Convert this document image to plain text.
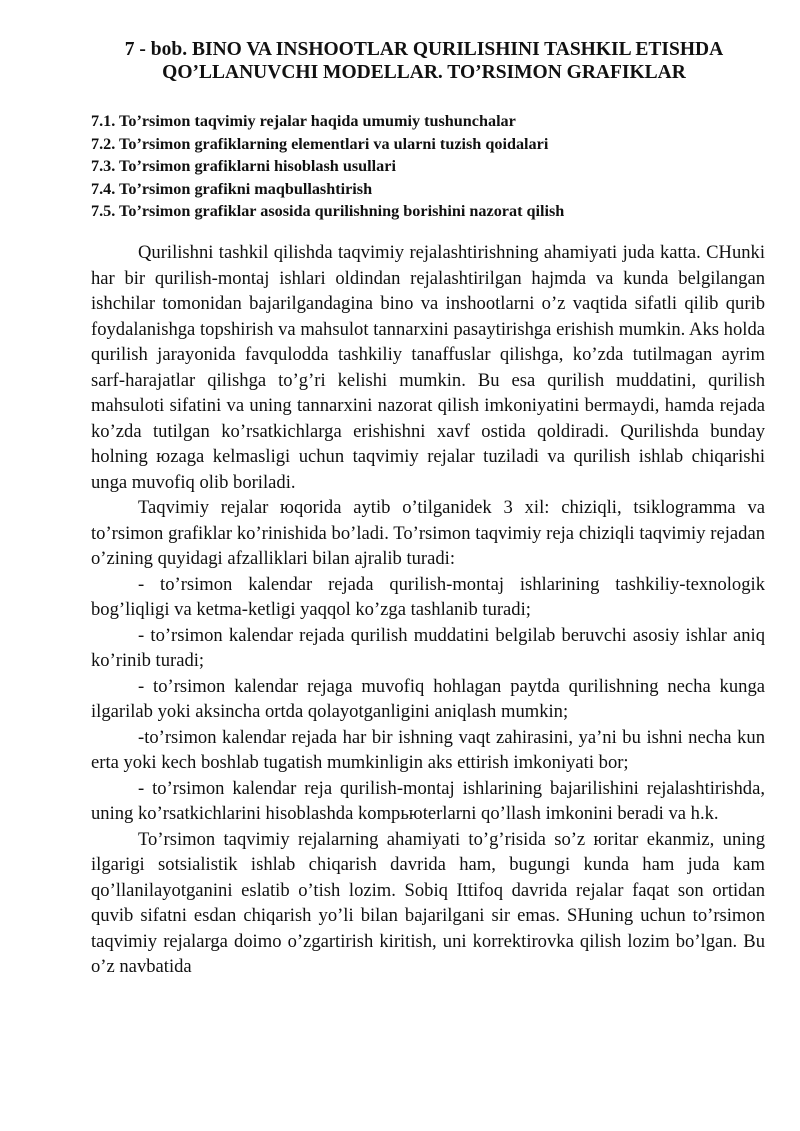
7 - bob. BINO VA INSHOOTLAR QURILISHINI TASHKIL ETISHDA
QO’LLANUVCHI MODELLAR. TO’RSIMON GRAFIKLAR
7.1. To’rsimon taqvimiy rejalar haqida umumiy tushunchalar
7.2. To’rsimon grafiklarning elementlari va ularni tuzish qoidalari
7.3. To’rsimon grafiklarni hisoblash usullari
7.4. To’rsimon grafikni maqbullashtirish
7.5. To’rsimon grafiklar asosida qurilishning borishini nazorat qilish

Qurilishni tashkil qilishda taqvimiy rejalashtirishning ahamiyati juda katta. CHunki har bir qurilish-montaj ishlari oldindan rejalashtirilgan hajmda va kunda belgilangan ishchilar tomonidan bajarilgandagina bino va inshootlarni o’z vaqtida sifatli qilib qurib foydalanishga topshirish va mahsulot tannarxini pasaytirishga erishish mumkin. Aks holda qurilish jarayonida favqulodda tashkiliy tanaffuslar qilishga, ko’zda tutilmagan ayrim sarf-harajatlar qilishga to’g’ri kelishi mumkin. Bu esa qurilish muddatini, qurilish mahsuloti sifatini va uning tannarxini nazorat qilish imkoniyatini bermaydi, hamda rejada ko’zda tutilgan ko’rsatkichlarga erishishni xavf ostida qoldiradi. Qurilishda bunday holning юzaga kelmasligi uchun taqvimiy rejalar tuziladi va qurilish ishlab chiqarishi unga muvofiq olib boriladi.

Taqvimiy rejalar юqorida aytib o’tilganidek 3 xil: chiziqli, tsiklogramma va to’rsimon grafiklar ko’rinishida bo’ladi. To’rsimon taqvimiy reja chiziqli taqvimiy rejadan o’zining quyidagi afzalliklari bilan ajralib turadi:

- to’rsimon kalendar rejada qurilish-montaj ishlarining tashkiliy-texnologik bog’liqligi va ketma-ketligi yaqqol ko’zga tashlanib turadi;

- to’rsimon kalendar rejada qurilish muddatini belgilab beruvchi asosiy ishlar aniq ko’rinib turadi;

- to’rsimon kalendar rejaga muvofiq hohlagan paytda qurilishning necha kunga ilgarilab yoki aksincha ortda qolayotganligini aniqlash mumkin;

-to’rsimon kalendar rejada har bir ishning vaqt zahirasini, ya’ni bu ishni necha kun erta yoki kech boshlab tugatish mumkinligin aks ettirish imkoniyati bor;

- to’rsimon kalendar reja qurilish-montaj ishlarining bajarilishini rejalashtirishda, uning ko’rsatkichlarini hisoblashda kompьюterlarni qo’llash imkonini beradi va h.k.

To’rsimon taqvimiy rejalarning ahamiyati to’g’risida so’z юritar ekanmiz, uning ilgarigi sotsialistik ishlab chiqarish davrida ham, bugungi kunda ham juda kam qo’llanilayotganini eslatib o’tish lozim. Sobiq Ittifoq davrida rejalar faqat son ortidan quvib sifatni esdan chiqarish yo’li bilan bajarilgani sir emas. SHuning uchun to’rsimon taqvimiy rejalarga doimo o’zgartirish kiritish, uni korrektirovka qilish lozim bo’lgan. Bu o’z navbatida
